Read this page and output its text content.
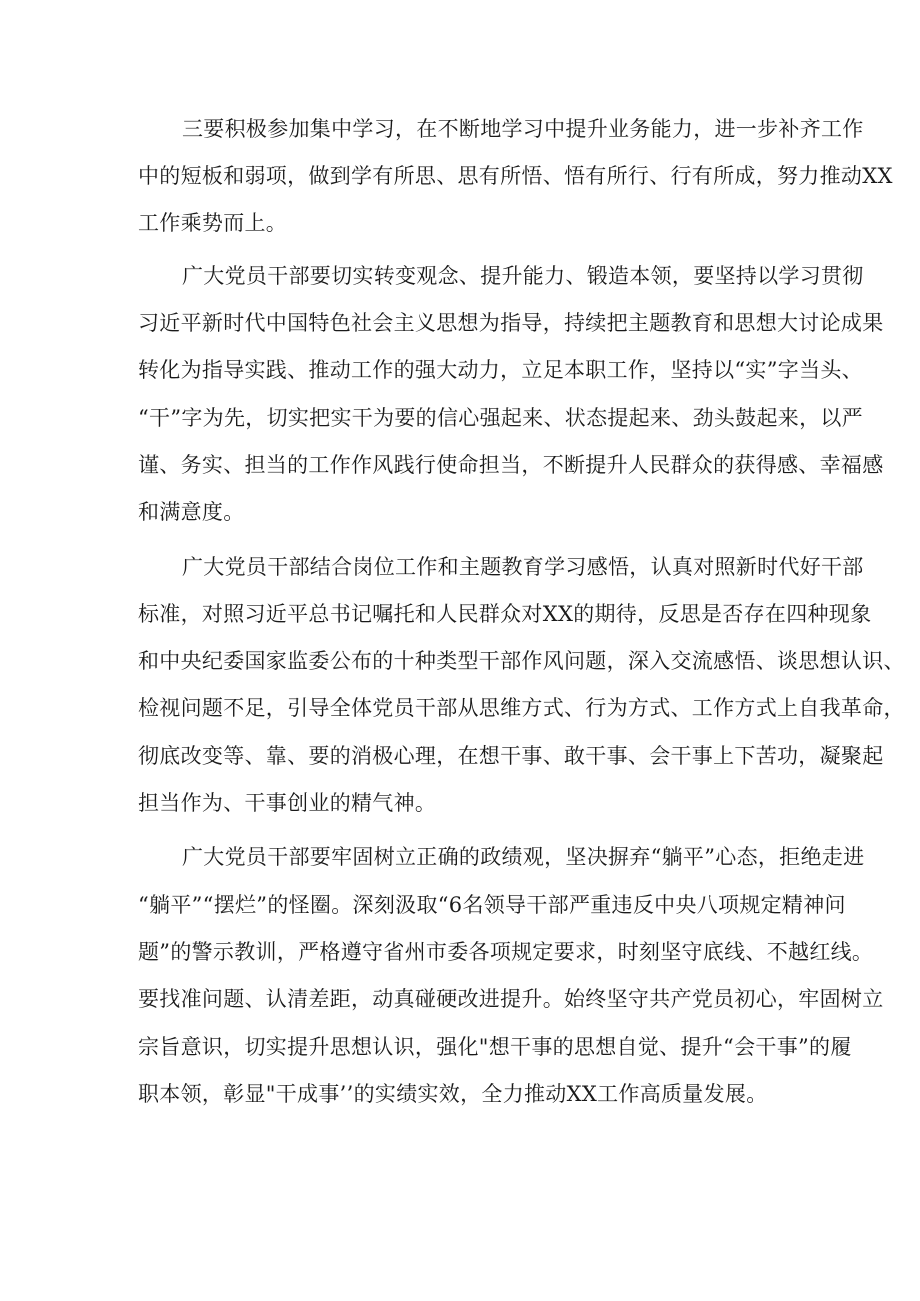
三要积极参加集中学习，在不断地学习中提升业务能力，进一步补齐工作
中的短板和弱项，做到学有所思、思有所悟、悟有所行、行有所成，努力推动XX
工作乘势而上。
广大党员干部要切实转变观念、提升能力、锻造本领，要坚持以学习贯彻
习近平新时代中国特色社会主义思想为指导，持续把主题教育和思想大讨论成果
转化为指导实践、推动工作的强大动力，立足本职工作，坚持以“实”字当头、
“干”字为先，切实把实干为要的信心强起来、状态提起来、劲头鼓起来，以严
谨、务实、担当的工作作风践行使命担当，不断提升人民群众的获得感、幸福感
和满意度。
广大党员干部结合岗位工作和主题教育学习感悟，认真对照新时代好干部
标准，对照习近平总书记嘱托和人民群众对XX的期待，反思是否存在四种现象
和中央纪委国家监委公布的十种类型干部作风问题，深入交流感悟、谈思想认识、
检视问题不足，引导全体党员干部从思维方式、行为方式、工作方式上自我革命，
彻底改变等、靠、要的消极心理，在想干事、敢干事、会干事上下苦功，凝聚起
担当作为、干事创业的精气神。
广大党员干部要牢固树立正确的政绩观，坚决摒弃“躺平”心态，拒绝走进
“躺平”“摆烂”的怪圈。深刻汲取“6名领导干部严重违反中央八项规定精神问
题”的警示教训，严格遵守省州市委各项规定要求，时刻坚守底线、不越红线。
要找准问题、认清差距，动真碰硬改进提升。始终坚守共产党员初心，牢固树立
宗旨意识，切实提升思想认识，强化"想干事的思想自觉、提升“会干事”的履
职本领，彰显"干成事’’的实绩实效，全力推动XX工作高质量发展。
